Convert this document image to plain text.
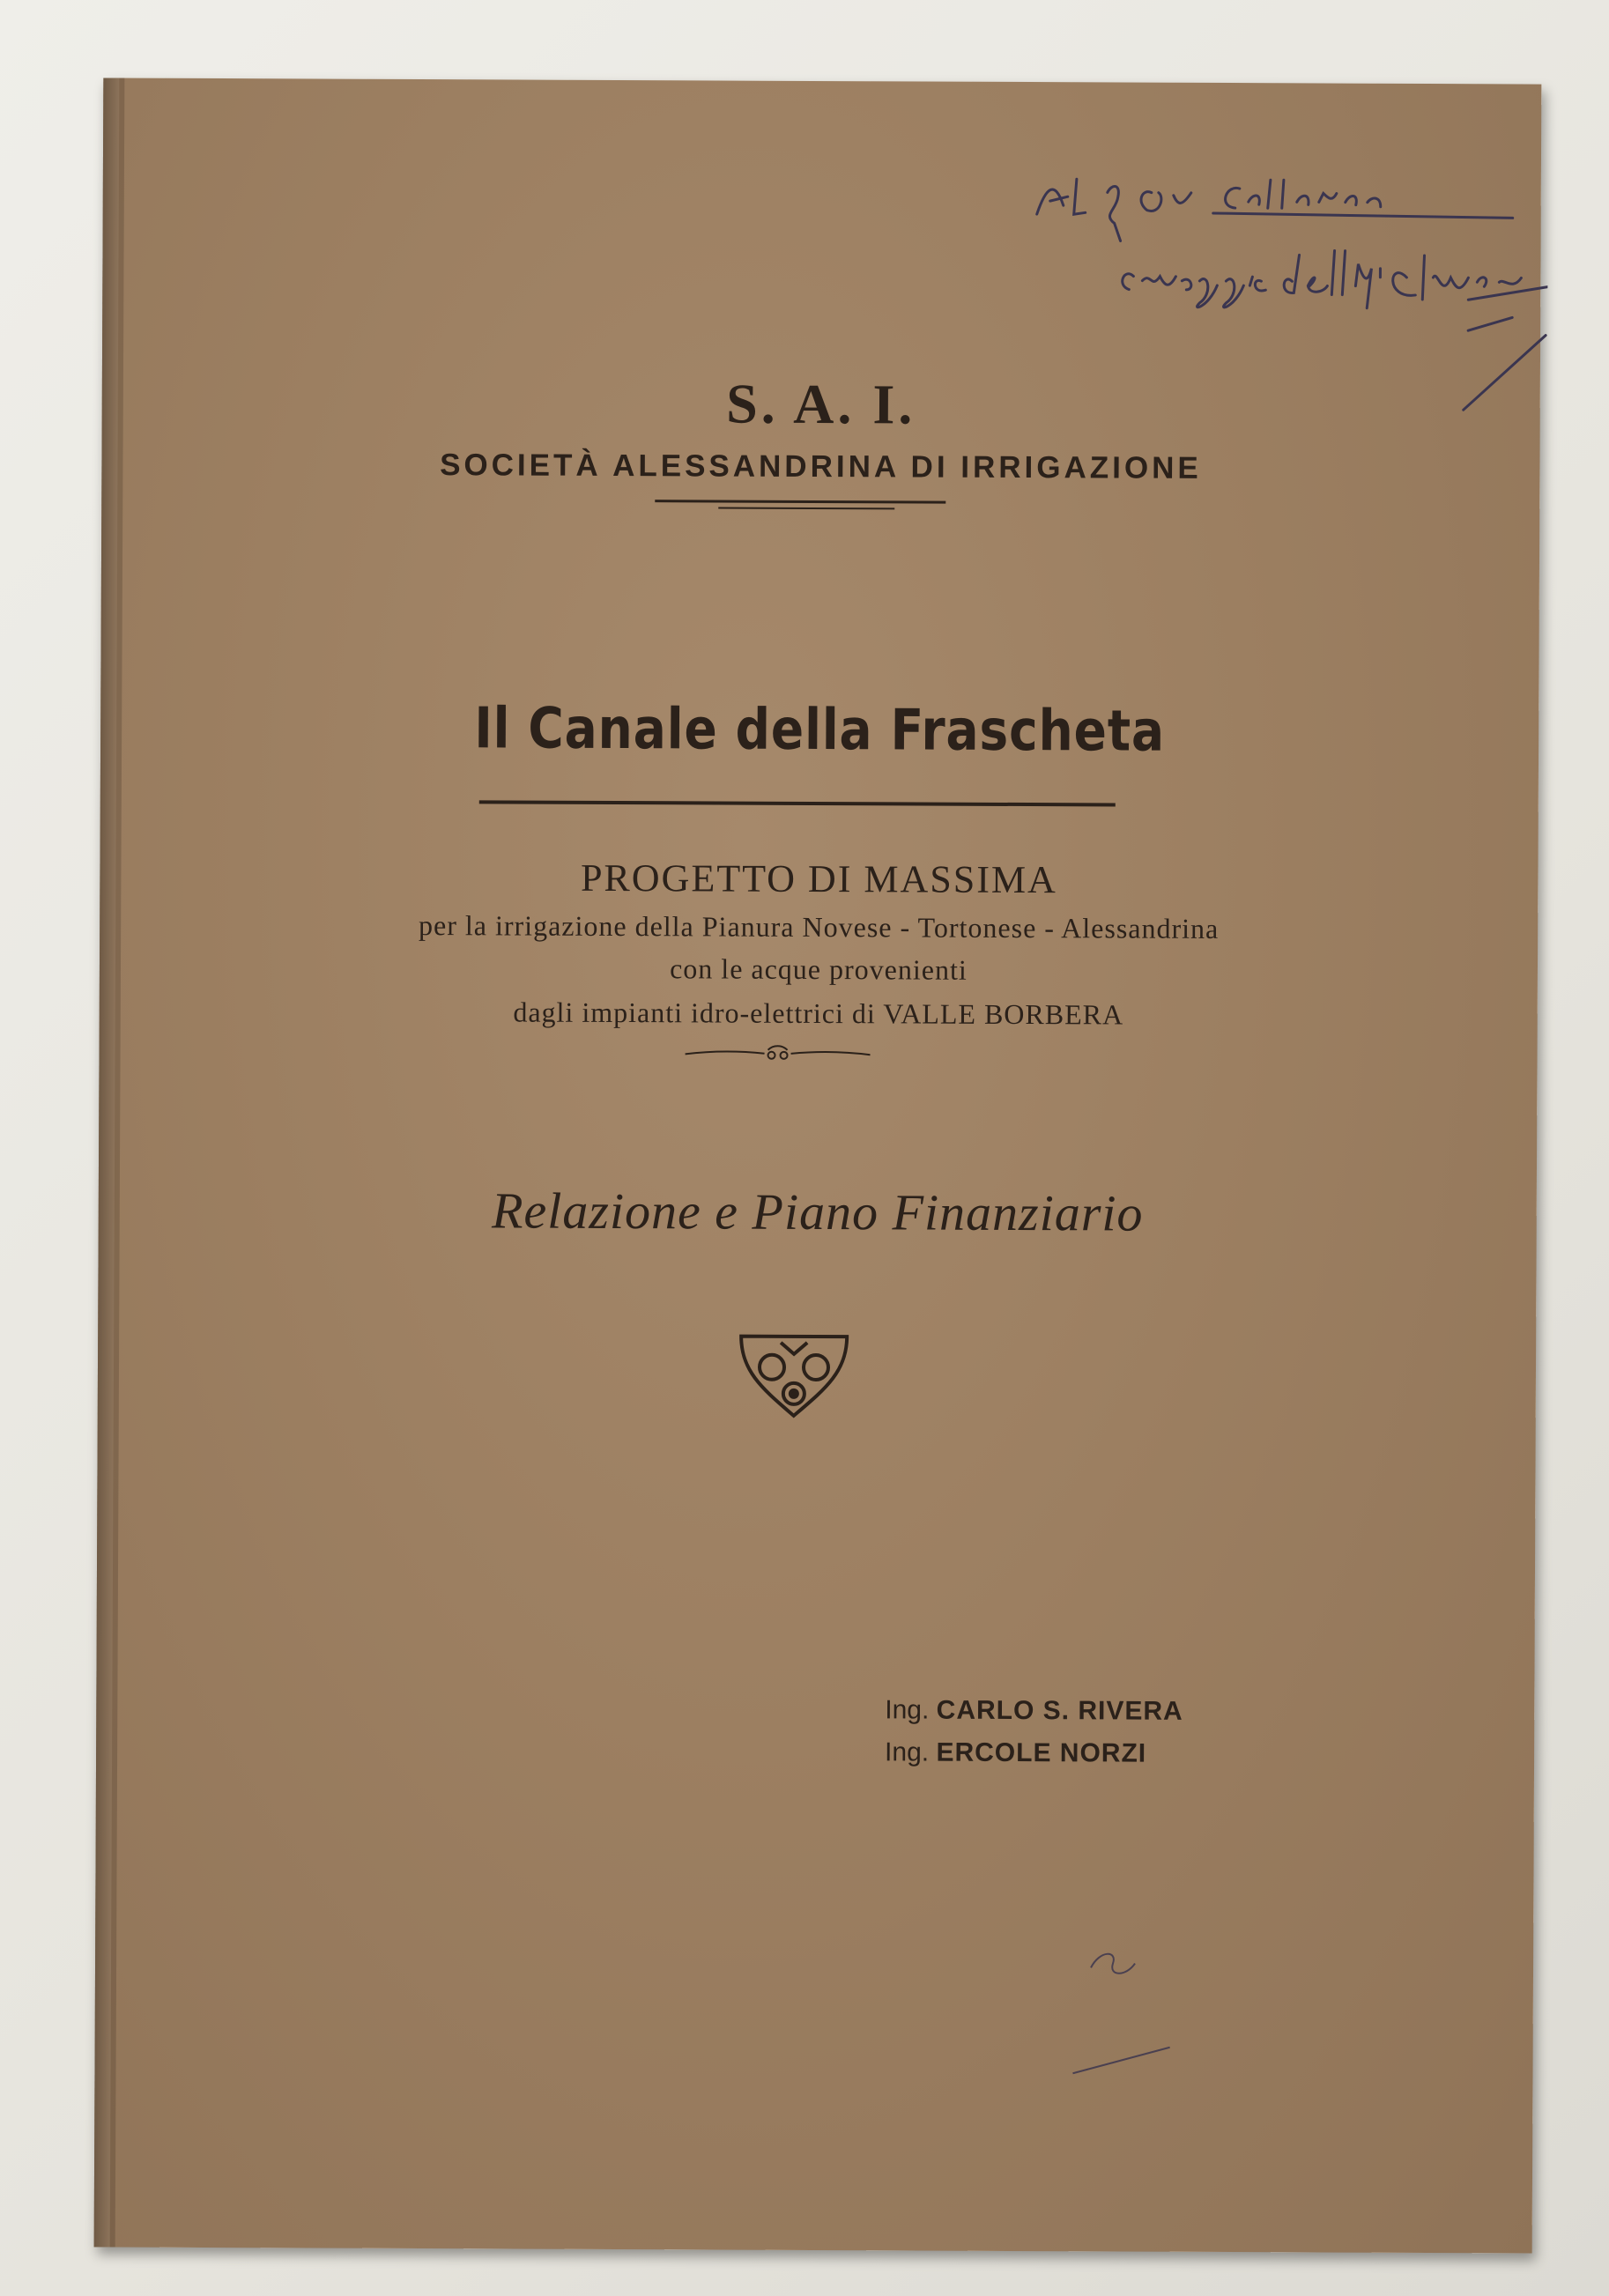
S. A. I.
SOCIETÀ ALESSANDRINA DI IRRIGAZIONE
Il Canale della Frascheta
PROGETTO DI MASSIMA
per la irrigazione della Pianura Novese - Tortonese - Alessandrina
con le acque provenienti
dagli impianti idro-elettrici di VALLE BORBERA
Relazione e Piano Finanziario
Ing. CARLO S. RIVERA
Ing. ERCOLE NORZI
